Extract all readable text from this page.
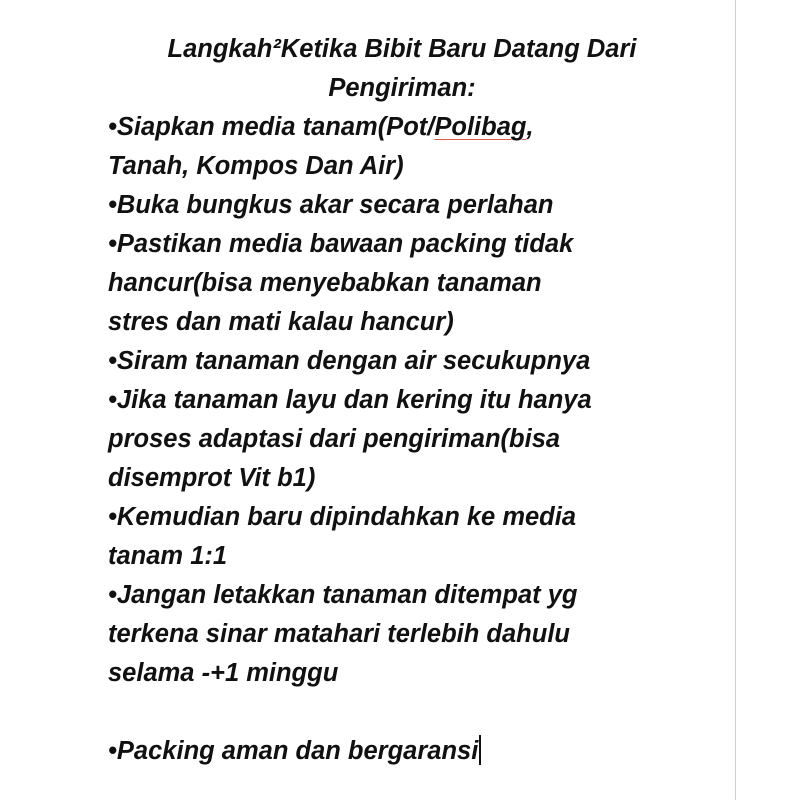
Langkah²Ketika Bibit Baru Datang Dari
Pengiriman:
•Siapkan media tanam(Pot/Polibag,
Tanah, Kompos Dan Air)
•Buka bungkus akar secara perlahan
•Pastikan media bawaan packing tidak
hancur(bisa menyebabkan tanaman
stres dan mati kalau hancur)
•Siram tanaman dengan air secukupnya
•Jika tanaman layu dan kering itu hanya
proses adaptasi dari pengiriman(bisa
disemprot Vit b1)
•Kemudian baru dipindahkan ke media
tanam 1:1
•Jangan letakkan tanaman ditempat yg
terkena sinar matahari terlebih dahulu
selama -+1 minggu
•Packing aman dan bergaransi
